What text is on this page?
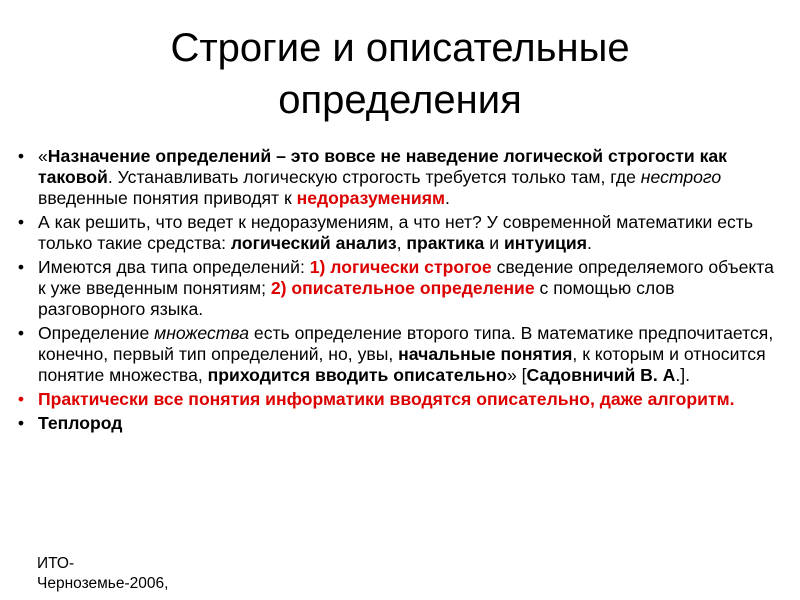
Строгие и описательные
определения
• «Назначение определений – это вовсе не наведение логической строгости как таковой. Устанавливать логическую строгость требуется только там, где нестрого введенные понятия приводят к недоразумениям.
• А как решить, что ведет к недоразумениям, а что нет? У современной математики есть только такие средства: логический анализ, практика и интуиция.
• Имеются два типа определений: 1) логически строгое сведение определяемого объекта к уже введенным понятиям; 2) описательное определение с помощью слов разговорного языка.
• Определение множества есть определение второго типа. В математике предпочитается, конечно, первый тип определений, но, увы, начальные понятия, к которым и относится понятие множества, приходится вводить описательно» [Садовничий В. А.].
• Практически все понятия информатики вводятся описательно, даже алгоритм.
• Теплород
ИТО-
Черноземье-2006,
